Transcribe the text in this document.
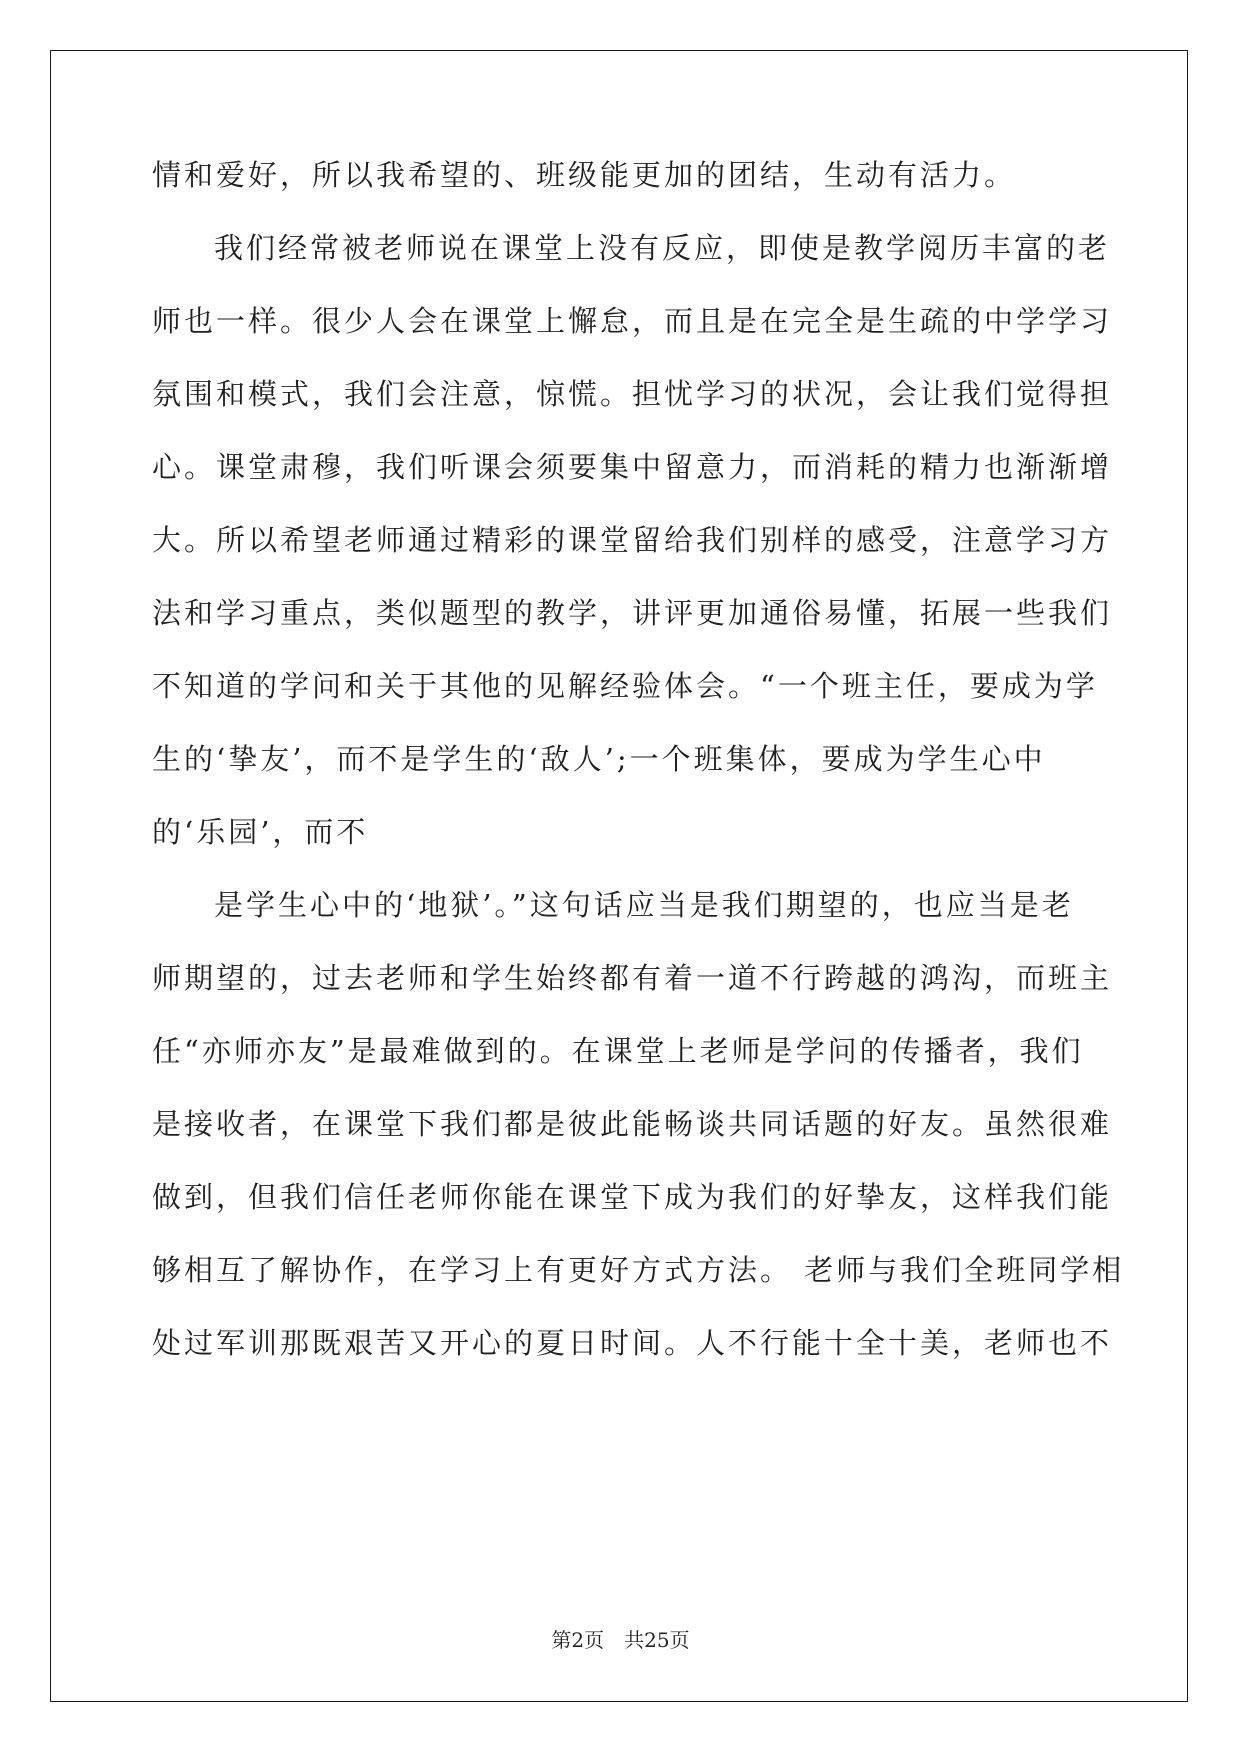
情和爱好，所以我希望的、班级能更加的团结，生动有活力。
我们经常被老师说在课堂上没有反应，即使是教学阅历丰富的老
师也一样。很少人会在课堂上懈怠，而且是在完全是生疏的中学学习
氛围和模式，我们会注意，惊慌。担忧学习的状况，会让我们觉得担
心。课堂肃穆，我们听课会须要集中留意力，而消耗的精力也渐渐增
大。所以希望老师通过精彩的课堂留给我们别样的感受，注意学习方
法和学习重点，类似题型的教学，讲评更加通俗易懂，拓展一些我们
不知道的学问和关于其他的见解经验体会。“一个班主任，要成为学
生的‘挚友’，而不是学生的‘敌人’;一个班集体，要成为学生心中
的‘乐园’，而不
是学生心中的‘地狱’。”这句话应当是我们期望的，也应当是老
师期望的，过去老师和学生始终都有着一道不行跨越的鸿沟，而班主
任“亦师亦友”是最难做到的。在课堂上老师是学问的传播者，我们
是接收者，在课堂下我们都是彼此能畅谈共同话题的好友。虽然很难
做到，但我们信任老师你能在课堂下成为我们的好挚友，这样我们能
够相互了解协作，在学习上有更好方式方法。 老师与我们全班同学相
处过军训那既艰苦又开心的夏日时间。人不行能十全十美，老师也不
第2页　共25页
